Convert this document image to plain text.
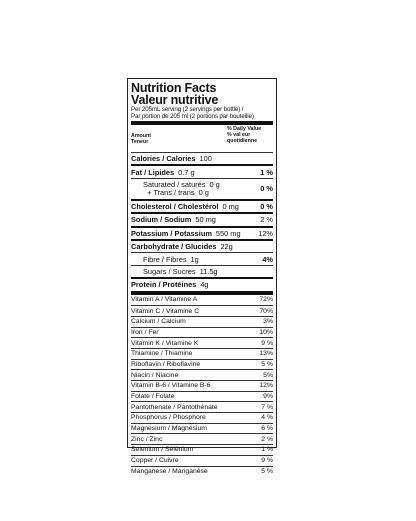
Nutrition Facts
Valeur nutritive
Per 205mL serving (2 servings per bottle) /
Par portion de 205 ml (2 portions par bouteille)
Amount
Teneur
% Daily Value
% val eur quotidienne
Calories / Calories 100
Fat / Lipides 0.7 g	1 %
Saturated / saturés 0 g
+ Trans / trans 0 g	0 %
Cholesterol / Cholestérol 0 mg	0 %
Sodium / Sodium 50 mg	2 %
Potassium / Potassium 550 mg 12%
Carbohydrate / Glucides 22g
Fibre / Fibres 1g	4%
Sugars / Sucres 11.5g
Protein / Protéines 4g
Vitamin A / Vitamine A	72%
Vitamin C / Vitamine C	70%
Calcium / Calcium	3%
Iron / Fer	10%
Vitamin K / Vitamine K	9 %
Thiamine / Thiamine	13%
Riboflavin / Riboflavine	5 %
Niacin / Niacine	5%
Vitamin B-6 / Vitamine B-6	12%
Folate / Folate	9%
Pantothenate / Pantothénate	7 %
Phosphorus / Phosphore	4 %
Magnesium / Magnésium	6 %
Zinc / Zinc	2 %
Selenium / Sélénium	1 %
Copper / Cuivre	9 %
Manganese / Manganèse	5 %
